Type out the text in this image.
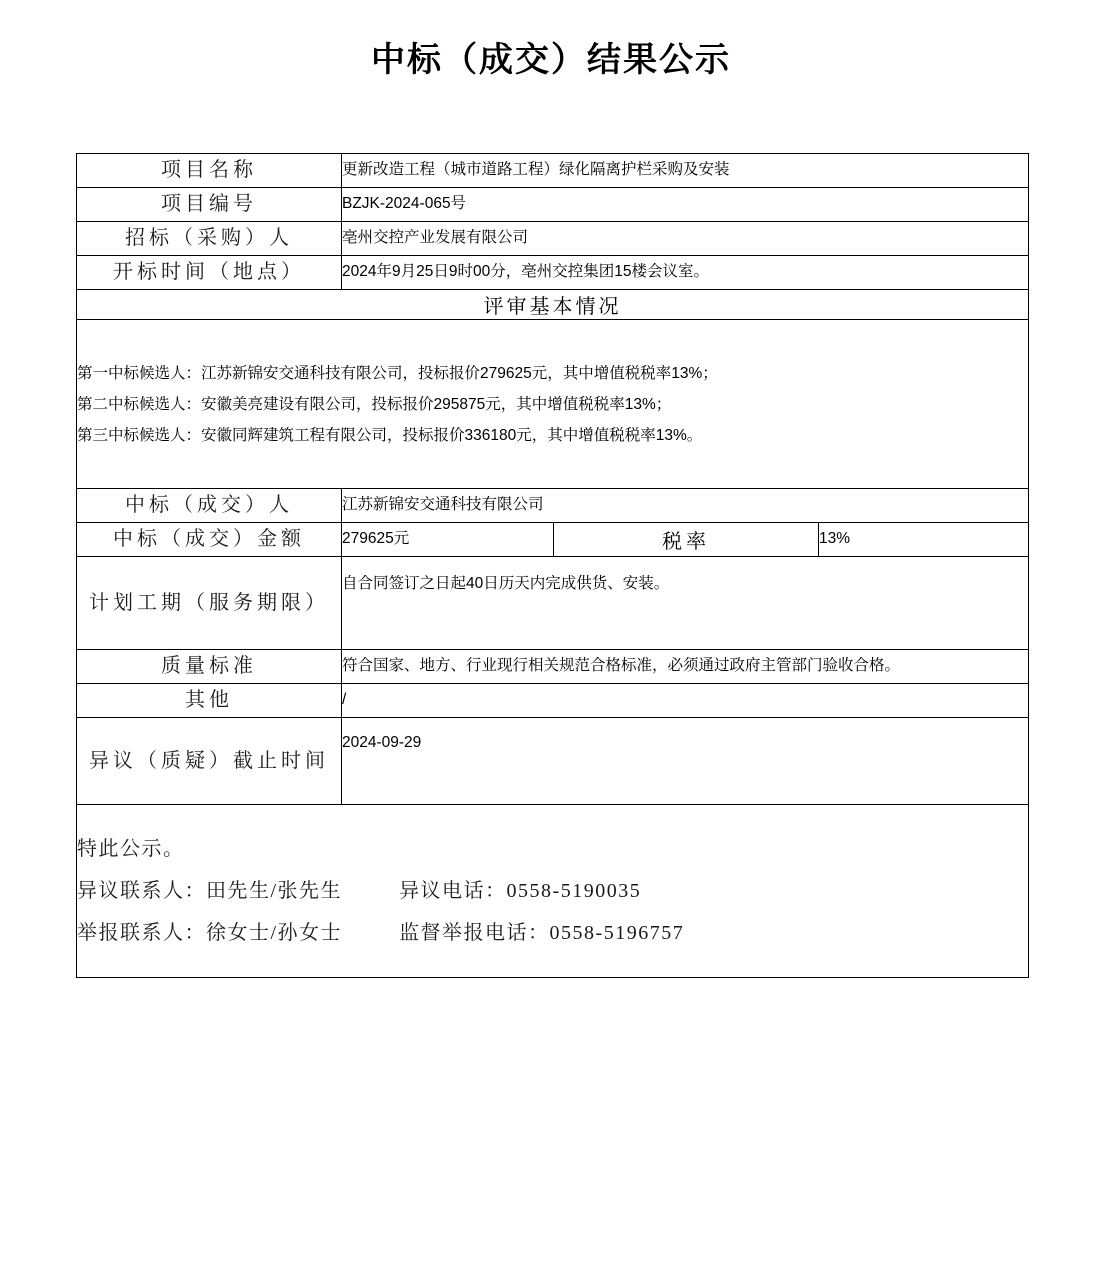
中标（成交）结果公示
项目名称	更新改造工程（城市道路工程）绿化隔离护栏采购及安装		
项目编号	BZJK-2024-065号		
招标（采购）人	亳州交控产业发展有限公司		
开标时间（地点）	2024年9月25日9时00分，亳州交控集团15楼会议室。		
评审基本情况			

第一中标候选人：江苏新锦安交通科技有限公司，投标报价279625元，其中增值税税率13%；
第二中标候选人：安徽美亮建设有限公司，投标报价295875元，其中增值税税率13%；
第三中标候选人：安徽同辉建筑工程有限公司，投标报价336180元，其中增值税税率13%。			

中标（成交）人	江苏新锦安交通科技有限公司		
中标（成交）金额	279625元	税率	13%
计划工期（服务期限）	自合同签订之日起40日历天内完成供货、安装。		
质量标准	符合国家、地方、行业现行相关规范合格标准，必须通过政府主管部门验收合格。		
其他	/		
异议（质疑）截止时间	2024-09-29		

特此公示。
异议联系人：田先生/张先生 异议电话：0558-5190035
举报联系人：徐女士/孙女士 监督举报电话：0558-5196757			
